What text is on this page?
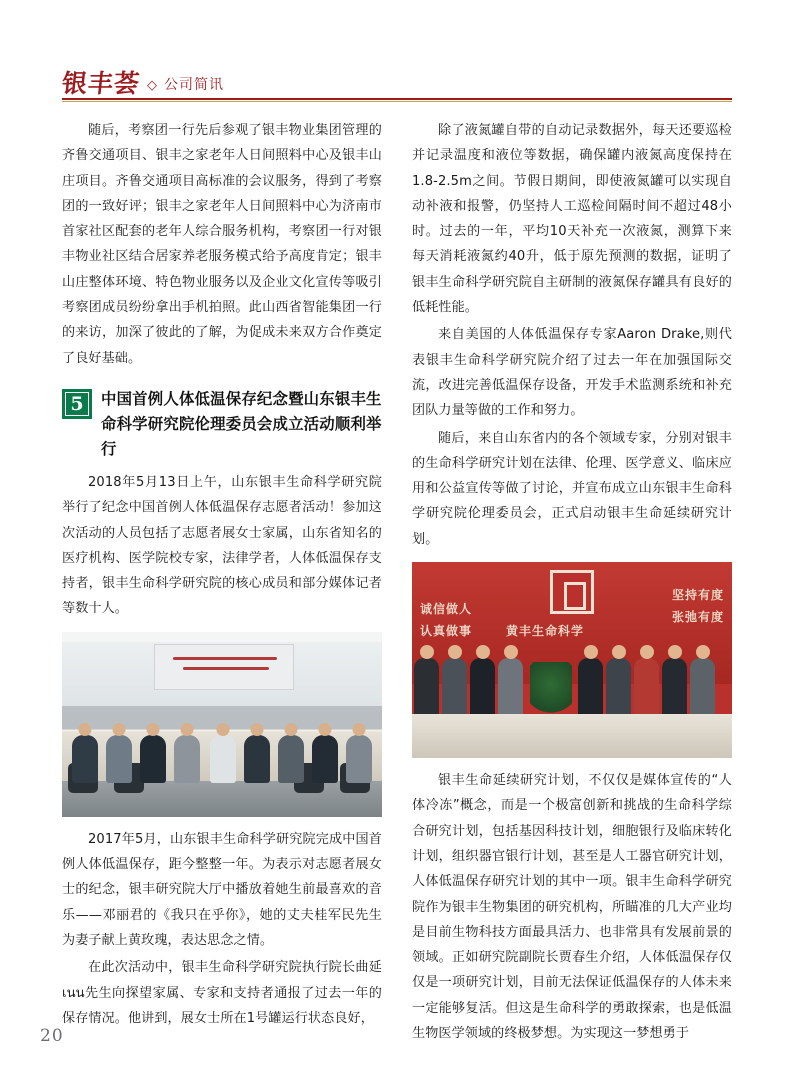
银丰荟 ◇ 公司简讯

随后，考察团一行先后参观了银丰物业集团管理的齐鲁交通项目、银丰之家老年人日间照料中心及银丰山庄项目。齐鲁交通项目高标准的会议服务，得到了考察团的一致好评；银丰之家老年人日间照料中心为济南市首家社区配套的老年人综合服务机构，考察团一行对银丰物业社区结合居家养老服务模式给予高度肯定；银丰山庄整体环境、特色物业服务以及企业文化宣传等吸引考察团成员纷纷拿出手机拍照。此山西省智能集团一行的来访，加深了彼此的了解，为促成未来双方合作奠定了良好基础。

5	中国首例人体低温保存纪念暨山东银丰生命科学研究院伦理委员会成立活动顺利举行

2018年5月13日上午，山东银丰生命科学研究院举行了纪念中国首例人体低温保存志愿者活动！参加这次活动的人员包括了志愿者展女士家属，山东省知名的医疗机构、医学院校专家，法律学者，人体低温保存支持者，银丰生命科学研究院的核心成员和部分媒体记者等数十人。

2017年5月，山东银丰生命科学研究院完成中国首例人体低温保存，距今整整一年。为表示对志愿者展女士的纪念，银丰研究院大厅中播放着她生前最喜欢的音乐——邓丽君的《我只在乎你》，她的丈夫桂军民先生为妻子献上黄玫瑰，表达思念之情。

在此次活动中，银丰生命科学研究院执行院长曲延เนน先生向探望家属、专家和支持者通报了过去一年的保存情况。他讲到，展女士所在1号罐运行状态良好，

除了液氮罐自带的自动记录数据外，每天还要巡检并记录温度和液位等数据，确保罐内液氮高度保持在1.8-2.5m之间。节假日期间，即使液氮罐可以实现自动补液和报警，仍坚持人工巡检间隔时间不超过48小时。过去的一年，平均10天补充一次液氮，测算下来每天消耗液氮约40升，低于原先预测的数据，证明了银丰生命科学研究院自主研制的液氮保存罐具有良好的低耗性能。

来自美国的人体低温保存专家Aaron Drake,则代表银丰生命科学研究院介绍了过去一年在加强国际交流，改进完善低温保存设备，开发手术监测系统和补充团队力量等做的工作和努力。

随后，来自山东省内的各个领域专家，分别对银丰的生命科学研究计划在法律、伦理、医学意义、临床应用和公益宣传等做了讨论，并宣布成立山东银丰生命科学研究院伦理委员会，正式启动银丰生命延续研究计划。

诚信做人
认真做事	黄丰生命科学
坚持有度
张弛有度

银丰生命延续研究计划，不仅仅是媒体宣传的“人体冷冻”概念，而是一个极富创新和挑战的生命科学综合研究计划，包括基因科技计划，细胞银行及临床转化计划，组织器官银行计划，甚至是人工器官研究计划，人体低温保存研究计划的其中一项。银丰生命科学研究院作为银丰生物集团的研究机构，所瞄准的几大产业均是目前生物科技方面最具活力、也非常具有发展前景的领域。正如研究院副院长贾春生介绍，人体低温保存仅仅是一项研究计划，目前无法保证低温保存的人体未来一定能够复活。但这是生命科学的勇敢探索，也是低温生物医学领域的终极梦想。为实现这一梦想勇于

20
